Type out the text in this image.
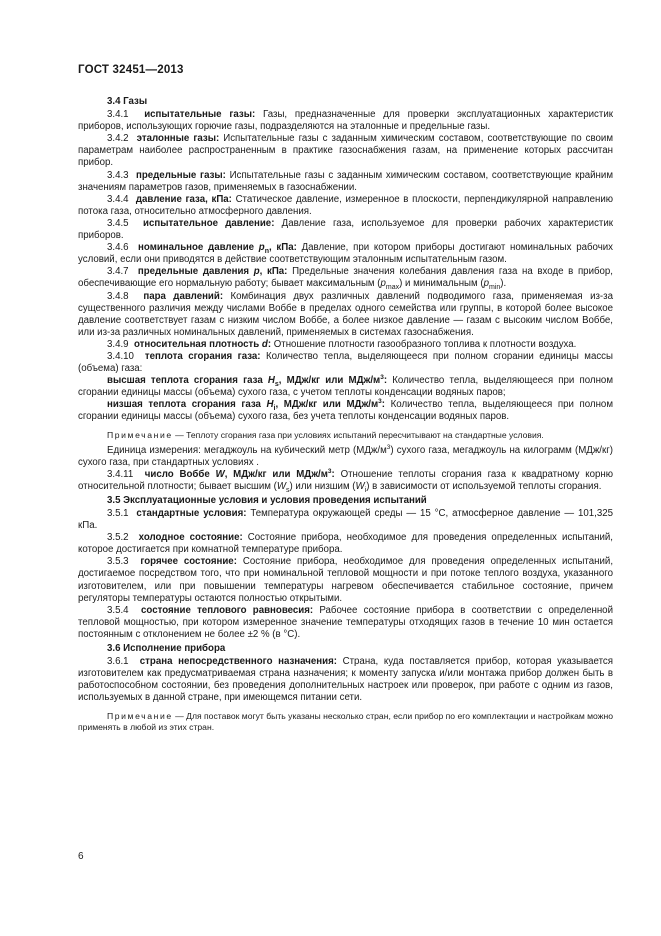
ГОСТ 32451—2013

3.4 Газы

3.4.1 испытательные газы: Газы, предназначенные для проверки эксплуатационных характеристик приборов, использующих горючие газы, подразделяются на эталонные и предельные газы.

3.4.2 эталонные газы: Испытательные газы с заданным химическим составом, соответствующие по своим параметрам наиболее распространенным в практике газоснабжения газам, на применение которых рассчитан прибор.

3.4.3 предельные газы: Испытательные газы с заданным химическим составом, соответствующие крайним значениям параметров газов, применяемых в газоснабжении.

3.4.4 давление газа, кПа: Статическое давление, измеренное в плоскости, перпендикулярной направлению потока газа, относительно атмосферного давления.

3.4.5 испытательное давление: Давление газа, используемое для проверки рабочих характеристик приборов.

3.4.6 номинальное давление $p_n$, кПа: Давление, при котором приборы достигают номинальных рабочих условий, если они приводятся в действие соответствующим эталонным испытательным газом.

3.4.7 предельные давления p, кПа: Предельные значения колебания давления газа на входе в прибор, обеспечивающие его нормальную работу; бывает максимальным $(p_{max})$ и минимальным $(p_{min})$.

3.4.8 пара давлений: Комбинация двух различных давлений подводимого газа, применяемая из-за существенного различия между числами Воббе в пределах одного семейства или группы, в которой более высокое давление соответствует газам с низким числом Воббе, а более низкое давление — газам с высоким числом Воббе, или из-за различных номинальных давлений, применяемых в системах газоснабжения.

3.4.9 относительная плотность d: Отношение плотности газообразного топлива к плотности воздуха.

3.4.10 теплота сгорания газа: Количество тепла, выделяющееся при полном сгорании единицы массы (объема) газа:

высшая теплота сгорания газа $H_s$, МДж/кг или МДж/$м^3$: Количество тепла, выделяющееся при полном сгорании единицы массы (объема) сухого газа, с учетом теплоты конденсации водяных паров;

низшая теплота сгорания газа $H_i$, МДж/кг или МДж/$м^3$: Количество тепла, выделяющееся при полном сгорании единицы массы (объема) сухого газа, без учета теплоты конденсации водяных паров.

Примечание — Теплоту сгорания газа при условиях испытаний пересчитывают на стандартные условия.

Единица измерения: мегаджоуль на кубический метр $(МДж/м^3)$ сухого газа, мегаджоуль на килограмм (МДж/кг) сухого газа, при стандартных условиях .

3.4.11 число Воббе W, МДж/кг или МДж/$м^3$: Отношение теплоты сгорания газа к квадратному корню относительной плотности; бывает высшим $(W_s)$ или низшим $(W_i)$ в зависимости от используемой теплоты сгорания.

3.5 Эксплуатационные условия и условия проведения испытаний

3.5.1 стандартные условия: Температура окружающей среды — 15 °С, атмосферное давление — 101,325 кПа.

3.5.2 холодное состояние: Состояние прибора, необходимое для проведения определенных испытаний, которое достигается при комнатной температуре прибора.

3.5.3 горячее состояние: Состояние прибора, необходимое для проведения определенных испытаний, достигаемое посредством того, что при номинальной тепловой мощности и при потоке теплого воздуха, указанного изготовителем, или при повышении температуры нагревом обеспечивается стабильное состояние, причем регуляторы температуры остаются полностью открытыми.

3.5.4 состояние теплового равновесия: Рабочее состояние прибора в соответствии с определенной тепловой мощностью, при котором измеренное значение температуры отходящих газов в течение 10 мин остается постоянным с отклонением не более ±2 % (в °С).

3.6 Исполнение прибора

3.6.1 страна непосредственного назначения: Страна, куда поставляется прибор, которая указывается изготовителем как предусматриваемая страна назначения; к моменту запуска и/или монтажа прибор должен быть в работоспособном состоянии, без проведения дополнительных настроек или проверок, при работе с одним из газов, используемых в данной стране, при имеющемся питании сети.

Примечание — Для поставок могут быть указаны несколько стран, если прибор по его комплектации и настройкам можно применять в любой из этих стран.

6
